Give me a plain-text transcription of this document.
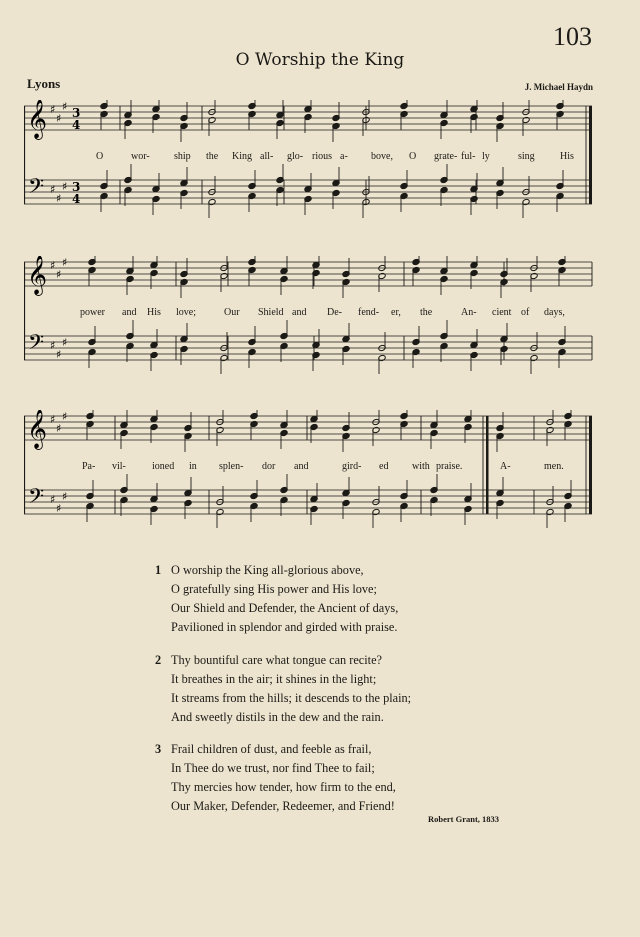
103
O Worship the King
Lyons	J. Michael Haydn
𝄞
𝄢
♯
♯
♯
♯
♯
♯
3
4
3
4
O	wor- ship the King all- glo- rious a- bove, O grate- ful- ly	sing	His
𝄞
𝄢
♯
♯
♯
♯
♯
♯
power and His love;	Our Shield and De- fend- er, the	An- cient of days,
𝄞
𝄢
♯
♯
♯
♯
♯
♯
Pa- vil-	ioned in splen- dor and	gird- ed with praise.	A-	men.
1 O worship the King all-glorious above,
O gratefully sing His power and His love;
Our Shield and Defender, the Ancient of days,
Pavilioned in splendor and girded with praise.
2 Thy bountiful care what tongue can recite?
It breathes in the air; it shines in the light;
It streams from the hills; it descends to the plain;
And sweetly distils in the dew and the rain.
3 Frail children of dust, and feeble as frail,
In Thee do we trust, nor find Thee to fail;
Thy mercies how tender, how firm to the end,
Our Maker, Defender, Redeemer, and Friend!
Robert Grant, 1833
